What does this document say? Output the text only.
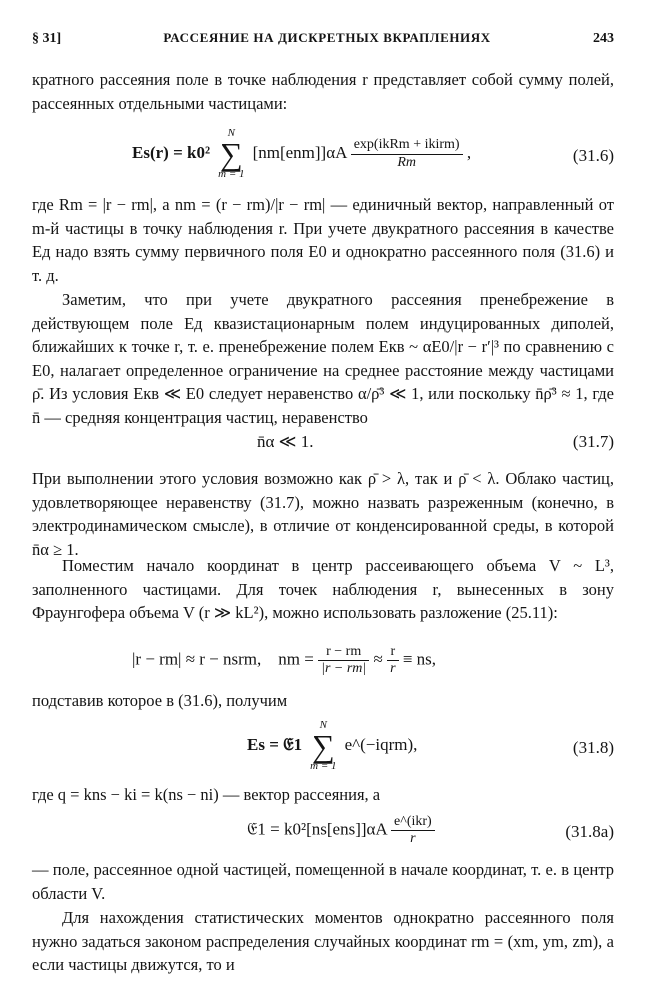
§ 31]	РАССЕЯНИЕ НА ДИСКРЕТНЫХ ВКРАПЛЕНИЯХ	243
кратного рассеяния поле в точке наблюдения r представляет собой сумму полей, рассеянных отдельными частицами:
Es(r) = k0²
N
∑
m = 1
$[nm[enm]]\alpha A \frac{\text{exp(ikRm + ikirm)}}{Rm}$ ,	(31.6)
где Rm = |r − rm|, а nm = (r − rm)/|r − rm| — единичный вектор, направленный от m-й частицы в точку наблюдения r. При учете двукратного рассеяния в качестве Eд надо взять сумму первичного поля E0 и однократно рассеянного поля (31.6) и т. д.
Заметим, что при учете двукратного рассеяния пренебрежение в действующем поле Eд квазистационарным полем индуцированных диполей, ближайших к точке r, т. е. пренебрежение полем Eкв ~ αE0/|r − r′|³ по сравнению с E0, налагает определенное ограничение на среднее расстояние между частицами ρ̄. Из условия Eкв ≪ E0 следует неравенство α/ρ̄³ ≪ 1, или поскольку n̄ρ̄³ ≈ 1, где n̄ — средняя концентрация частиц, неравенство
n̄α ≪ 1.	(31.7)
При выполнении этого условия возможно как ρ̄ > λ, так и ρ̄ < λ. Облако частиц, удовлетворяющее неравенству (31.7), можно назвать разреженным (конечно, в электродинамическом смысле), в отличие от конденсированной среды, в которой n̄α ≥ 1.
Поместим начало координат в центр рассеивающего объема V ~ L³, заполненного частицами. Для точек наблюдения r, вынесенных в зону Фраунгофера объема V (r ≫ kL²), можно использовать разложение (25.11):
|r − rm| ≈ r − nsrm, nm = $\frac{r - rm}{|r - rm|} \approx \frac{r}{r}$ ≡ ns,
подставив которое в (31.6), получим
Es = 𝔈1
N
∑
m = 1
e^(−iqrm),	(31.8)
где q = kns − ki = k(ns − ni) — вектор рассеяния, а
𝔈1 = $k0^2[ns[ens]]\alpha A \frac{\text{e\textasciicircum{}(ikr)}}{r}$	(31.8a)
— поле, рассеянное одной частицей, помещенной в начале координат, т. е. в центр области V.
Для нахождения статистических моментов однократно рассеянного поля нужно задаться законом распределения случайных координат rm = (xm, ym, zm), а если частицы движутся, то и
